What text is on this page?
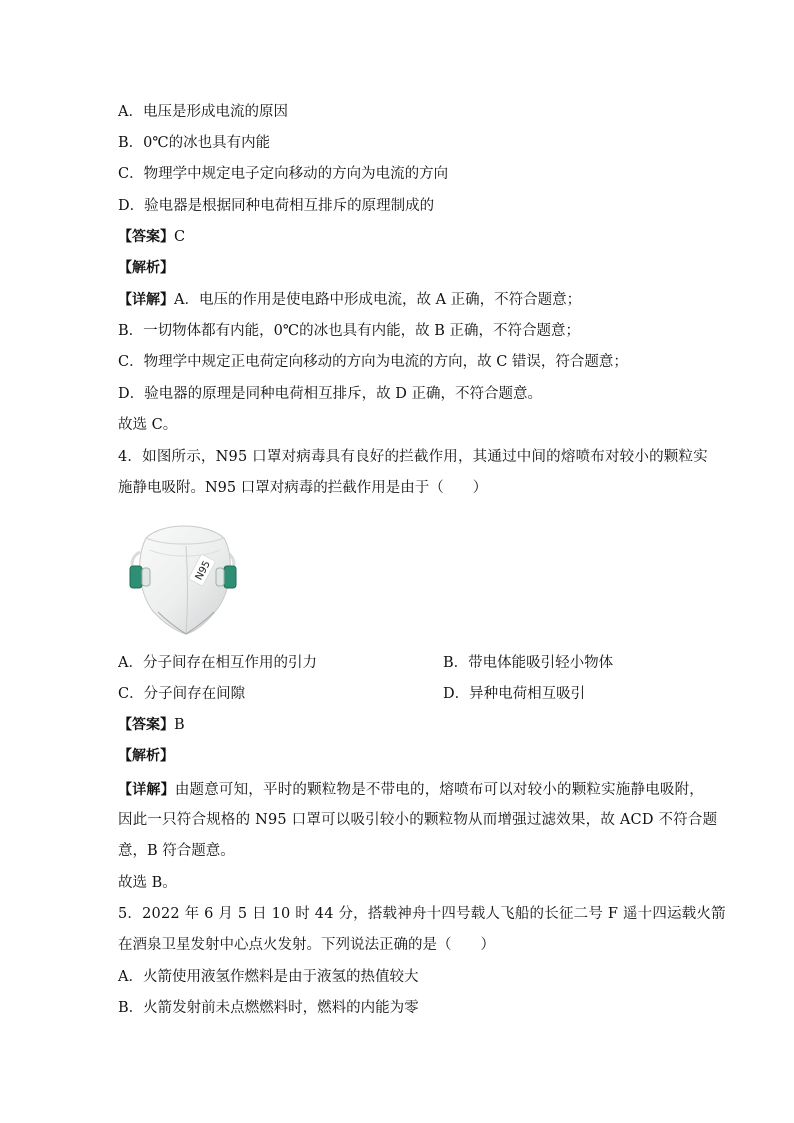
A．电压是形成电流的原因
B．0℃的冰也具有内能
C．物理学中规定电子定向移动的方向为电流的方向
D．验电器是根据同种电荷相互排斥的原理制成的
【答案】C
【解析】
【详解】A．电压的作用是使电路中形成电流，故 A 正确，不符合题意；
B．一切物体都有内能，0℃的冰也具有内能，故 B 正确，不符合题意；
C．物理学中规定正电荷定向移动的方向为电流的方向，故 C 错误，符合题意；
D．验电器的原理是同种电荷相互排斥，故 D 正确，不符合题意。
故选 C。
4．如图所示，N95 口罩对病毒具有良好的拦截作用，其通过中间的熔喷布对较小的颗粒实
施静电吸附。N95 口罩对病毒的拦截作用是由于（　　）
N95
A．分子间存在相互作用的引力	B．带电体能吸引轻小物体
C．分子间存在间隙	D．异种电荷相互吸引
【答案】B
【解析】
【详解】由题意可知，平时的颗粒物是不带电的，熔喷布可以对较小的颗粒实施静电吸附，
因此一只符合规格的 N95 口罩可以吸引较小的颗粒物从而增强过滤效果，故 ACD 不符合题
意，B 符合题意。
故选 B。
5．2022 年 6 月 5 日 10 时 44 分，搭载神舟十四号载人飞船的长征二号 F 遥十四运载火箭
在酒泉卫星发射中心点火发射。下列说法正确的是（　　）
A．火箭使用液氢作燃料是由于液氢的热值较大
B．火箭发射前未点燃燃料时，燃料的内能为零
